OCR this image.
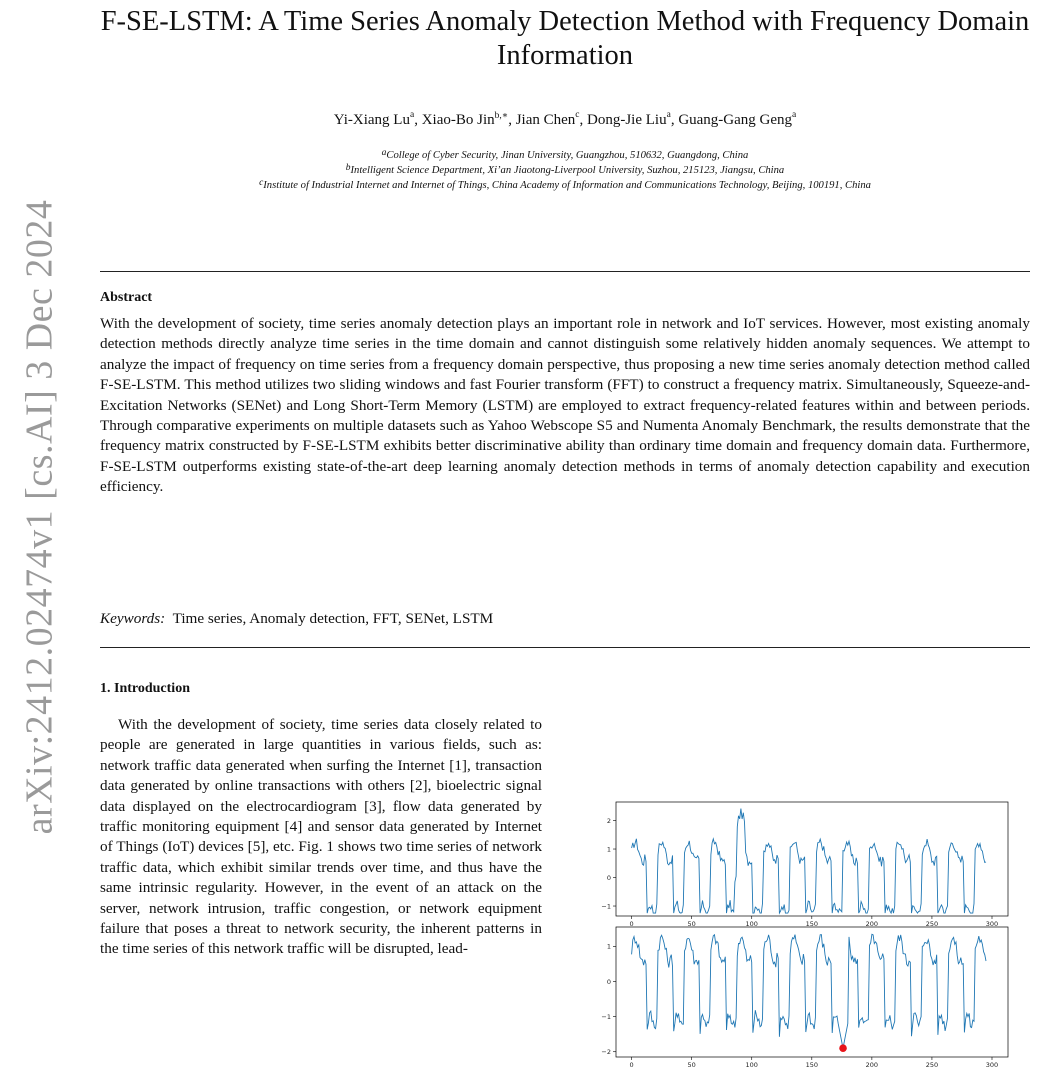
arXiv:2412.02474v1 [cs.AI] 3 Dec 2024
F-SE-LSTM: A Time Series Anomaly Detection Method with Frequency Domain Information
Yi-Xiang Lu$^a$, Xiao-Bo Jin$^{b,∗}$, Jian Chen$^c$, Dong-Jie Liu$^a$, Guang-Gang Geng$^a$
$^a$College of Cyber Security, Jinan University, Guangzhou, 510632, Guangdong, China
$^b$Intelligent Science Department, Xi’an Jiaotong-Liverpool University, Suzhou, 215123, Jiangsu, China
$^c$Institute of Industrial Internet and Internet of Things, China Academy of Information and Communications Technology, Beijing, 100191, China
Abstract
With the development of society, time series anomaly detection plays an important role in network and IoT services. However, most existing anomaly detection methods directly analyze time series in the time domain and cannot distinguish some relatively hidden anomaly sequences. We attempt to analyze the impact of frequency on time series from a frequency domain perspective, thus proposing a new time series anomaly detection method called F-SE-LSTM. This method utilizes two sliding windows and fast Fourier transform (FFT) to construct a frequency matrix. Simultaneously, Squeeze-and-Excitation Networks (SENet) and Long Short-Term Memory (LSTM) are employed to extract frequency-related features within and between periods. Through comparative experiments on multiple datasets such as Yahoo Webscope S5 and Numenta Anomaly Benchmark, the results demonstrate that the frequency matrix constructed by F-SE-LSTM exhibits better discriminative ability than ordinary time domain and frequency domain data. Furthermore, F-SE-LSTM outperforms existing state-of-the-art deep learning anomaly detection methods in terms of anomaly detection capability and execution efficiency.
Keywords: Time series, Anomaly detection, FFT, SENet, LSTM
1. Introduction
With the development of society, time series data closely related to people are generated in large quantities in various fields, such as: network traffic data generated when surfing the Internet [1], transaction data generated by online transactions with others [2], bioelectric signal data displayed on the electrocardiogram [3], flow data generated by traffic monitoring equipment [4] and sensor data generated by Internet of Things (IoT) devices [5], etc. Fig. 1 shows two time series of network traffic data, which exhibit similar trends over time, and thus have the same intrinsic regularity. However, in the event of an attack on the server, network intrusion, traffic congestion, or network equipment failure that poses a threat to network security, the inherent patterns in the time series of this network traffic will be disrupted, lead-
2
1
0
−1
0	50	100	150	200	250	300
1
0
−1
−2
0	50	100	150	200	250	300
